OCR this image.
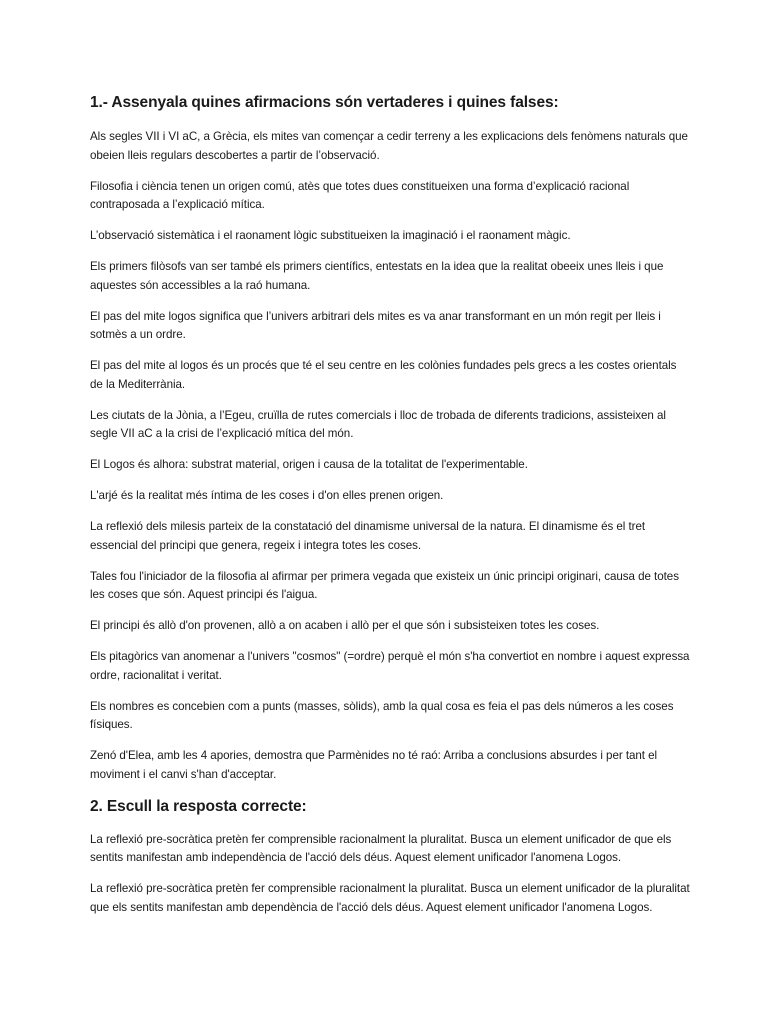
1.- Assenyala quines afirmacions són vertaderes i quines falses:

Als segles VII i VI aC, a Grècia, els mites van començar a cedir terreny a les explicacions dels fenòmens naturals que obeien lleis regulars descobertes a partir de l’observació.

Filosofia i ciència tenen un origen comú, atès que totes dues constitueixen una forma d’explicació racional contraposada a l’explicació mítica.

L’observació sistemàtica i el raonament lògic substitueixen la imaginació i el raonament màgic.

Els primers filòsofs van ser també els primers científics, entestats en la idea que la realitat obeeix unes lleis i que aquestes són accessibles a la raó humana.

El pas del mite logos significa que l’univers arbitrari dels mites es va anar transformant en un món regit per lleis i sotmès a un ordre.

El pas del mite al logos és un procés que té el seu centre en les colònies fundades pels grecs a les costes orientals de la Mediterrània.

Les ciutats de la Jònia, a l’Egeu, cruïlla de rutes comercials i lloc de trobada de diferents tradicions, assisteixen al segle VII aC a la crisi de l’explicació mítica del món.

El Logos és alhora: substrat material, origen i causa de la totalitat de l'experimentable.

L'arjé és la realitat més íntima de les coses i d'on elles prenen origen.

La reflexió dels milesis parteix de la constatació del dinamisme universal de la natura. El dinamisme és el tret essencial del principi que genera, regeix i integra totes les coses.

Tales fou l'iniciador de la filosofia al afirmar per primera vegada que existeix un únic principi originari, causa de totes les coses que són. Aquest principi és l'aigua.

El principi és allò d'on provenen, allò a on acaben i allò per el que són i subsisteixen totes les coses.

Els pitagòrics van anomenar a l'univers "cosmos" (=ordre) perquè el món s'ha convertiot en nombre i aquest expressa ordre, racionalitat i veritat.

Els nombres es concebien com a punts (masses, sòlids), amb la qual cosa es feia el pas dels números a les coses físiques.

Zenó d'Elea, amb les 4 apories, demostra que Parmènides no té raó: Arriba a conclusions absurdes i per tant el moviment i el canvi s'han d'acceptar.

2. Escull la resposta correcte:

La reflexió pre-socràtica pretèn fer comprensible racionalment la pluralitat. Busca un element unificador de que els sentits manifestan amb independència de l'acció dels déus. Aquest element unificador l'anomena Logos.

La reflexió pre-socràtica pretèn fer comprensible racionalment la pluralitat. Busca un element unificador de la pluralitat que els sentits manifestan amb dependència de l'acció dels déus. Aquest element unificador l'anomena Logos.
